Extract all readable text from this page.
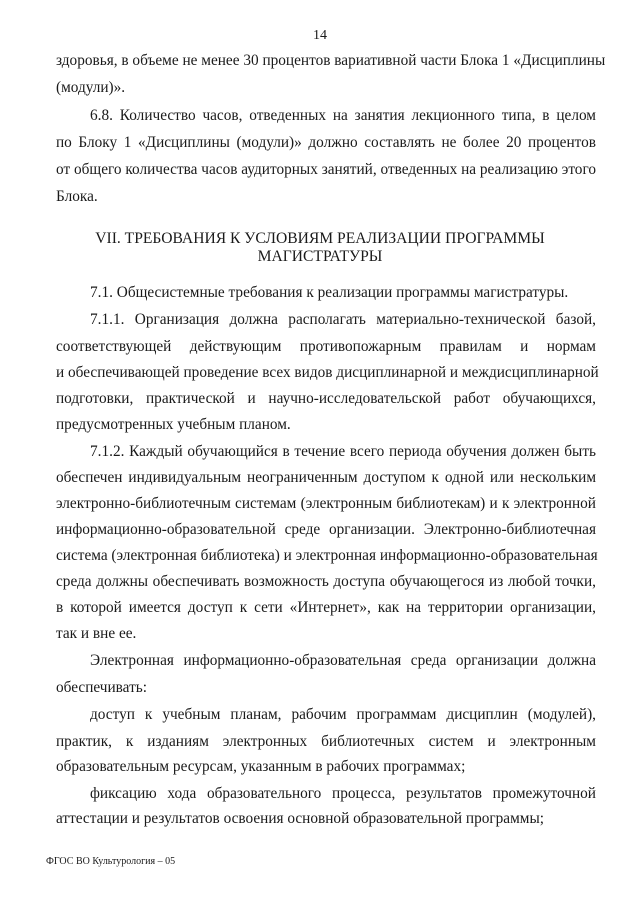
14
здоровья, в объеме не менее 30 процентов вариативной части Блока 1 «Дисциплины
(модули)».
6.8. Количество часов, отведенных на занятия лекционного типа, в целом
по Блоку 1 «Дисциплины (модули)» должно составлять не более 20 процентов
от общего количества часов аудиторных занятий, отведенных на реализацию этого
Блока.
VII. ТРЕБОВАНИЯ К УСЛОВИЯМ РЕАЛИЗАЦИИ ПРОГРАММЫ
МАГИСТРАТУРЫ
7.1. Общесистемные требования к реализации программы магистратуры.
7.1.1. Организация должна располагать материально-технической базой,
соответствующей действующим противопожарным правилам и нормам
и обеспечивающей проведение всех видов дисциплинарной и междисциплинарной
подготовки, практической и научно-исследовательской работ обучающихся,
предусмотренных учебным планом.
7.1.2. Каждый обучающийся в течение всего периода обучения должен быть
обеспечен индивидуальным неограниченным доступом к одной или нескольким
электронно-библиотечным системам (электронным библиотекам) и к электронной
информационно-образовательной среде организации. Электронно-библиотечная
система (электронная библиотека) и электронная информационно-образовательная
среда должны обеспечивать возможность доступа обучающегося из любой точки,
в которой имеется доступ к сети «Интернет», как на территории организации,
так и вне ее.
Электронная информационно-образовательная среда организации должна
обеспечивать:
доступ к учебным планам, рабочим программам дисциплин (модулей),
практик, к изданиям электронных библиотечных систем и электронным
образовательным ресурсам, указанным в рабочих программах;
фиксацию хода образовательного процесса, результатов промежуточной
аттестации и результатов освоения основной образовательной программы;
ФГОС ВО Культурология – 05
